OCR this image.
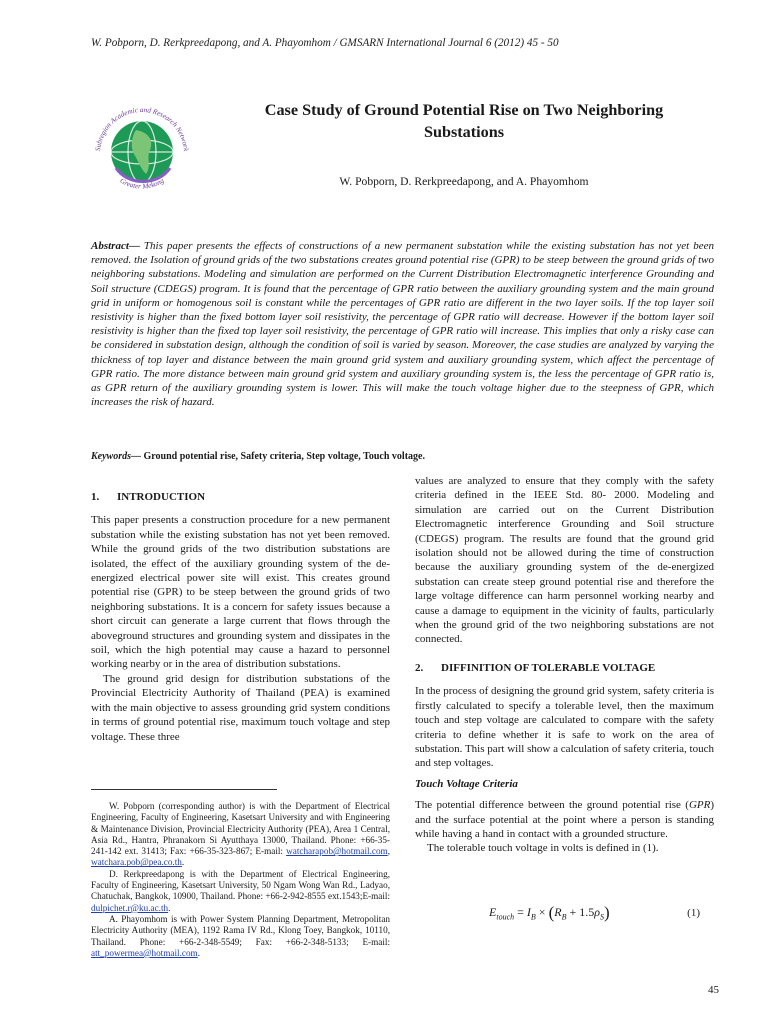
W. Pobporn, D. Rerkpreedapong, and A. Phayomhom / GMSARN International Journal 6 (2012) 45 - 50
Subregion Academic and Research Network
Greater Mekong
Case Study of Ground Potential Rise on Two Neighboring Substations
W. Pobporn, D. Rerkpreedapong, and A. Phayomhom
Abstract— This paper presents the effects of constructions of a new permanent substation while the existing substation has not yet been removed. the Isolation of ground grids of the two substations creates ground potential rise (GPR) to be steep between the ground grids of two neighboring substations. Modeling and simulation are performed on the Current Distribution Electromagnetic interference Grounding and Soil structure (CDEGS) program. It is found that the percentage of GPR ratio between the auxiliary grounding system and the main ground grid in uniform or homogenous soil is constant while the percentages of GPR ratio are different in the two layer soils. If the top layer soil resistivity is higher than the fixed bottom layer soil resistivity, the percentage of GPR ratio will decrease. However if the bottom layer soil resistivity is higher than the fixed top layer soil resistivity, the percentage of GPR ratio will increase. This implies that only a risky case can be considered in substation design, although the condition of soil is varied by season. Moreover, the case studies are analyzed by varying the thickness of top layer and distance between the main ground grid system and auxiliary grounding system, which affect the percentage of GPR ratio. The more distance between main ground grid system and auxiliary grounding system is, the less the percentage of GPR ratio is, as GPR return of the auxiliary grounding system is lower. This will make the touch voltage higher due to the steepness of GPR, which increases the risk of hazard.
Keywords— Ground potential rise, Safety criteria, Step voltage, Touch voltage.
1. INTRODUCTION

This paper presents a construction procedure for a new permanent substation while the existing substation has not yet been removed. While the ground grids of the two distribution substations are isolated, the effect of the auxiliary grounding system of the de-energized electrical power site will exist. This creates ground potential rise (GPR) to be steep between the ground grids of two neighboring substations. It is a concern for safety issues because a short circuit can generate a large current that flows through the aboveground structures and grounding system and dissipates in the soil, which the high potential may cause a hazard to personnel working nearby or in the area of distribution substations.

The ground grid design for distribution substations of the Provincial Electricity Authority of Thailand (PEA) is examined with the main objective to assess grounding grid system conditions in terms of ground potential rise, maximum touch voltage and step voltage. These three

W. Pobporn (corresponding author) is with the Department of Electrical Engineering, Faculty of Engineering, Kasetsart University and with Engineering & Maintenance Division, Provincial Electricity Authority (PEA), Area 1 Central, Asia Rd., Hantra, Phranakorn Si Ayutthaya 13000, Thailand. Phone: +66-35-241-142 ext. 31413; Fax: +66-35-323-867; E-mail: watcharapob@hotmail.com, watchara.pob@pea.co.th.

D. Rerkpreedapong is with the Department of Electrical Engineering, Faculty of Engineering, Kasetsart University, 50 Ngam Wong Wan Rd., Ladyao, Chatuchak, Bangkok, 10900, Thailand. Phone: +66-2-942-8555 ext.1543;E-mail: dulpichet.r@ku.ac.th.

A. Phayomhom is with Power System Planning Department, Metropolitan Electricity Authority (MEA), 1192 Rama IV Rd., Klong Toey, Bangkok, 10110, Thailand. Phone: +66-2-348-5549; Fax: +66-2-348-5133; E-mail: att_powermea@hotmail.com.

values are analyzed to ensure that they comply with the safety criteria defined in the IEEE Std. 80- 2000. Modeling and simulation are carried out on the Current Distribution Electromagnetic interference Grounding and Soil structure (CDEGS) program. The results are found that the ground grid isolation should not be allowed during the time of construction because the auxiliary grounding system of the de-energized substation can create steep ground potential rise and therefore the large voltage difference can harm personnel working nearby and cause a damage to equipment in the vicinity of faults, particularly when the ground grid of the two neighboring substations are not connected.

2. DIFFINITION OF TOLERABLE VOLTAGE

In the process of designing the ground grid system, safety criteria is firstly calculated to specify a tolerable level, then the maximum touch and step voltage are calculated to compare with the safety criteria to define whether it is safe to work on the area of substation. This part will show a calculation of safety criteria, touch and step voltages.

Touch Voltage Criteria

The potential difference between the ground potential rise (GPR) and the surface potential at the point where a person is standing while having a hand in contact with a grounded structure.

The tolerable touch voltage in volts is defined in (1).

$E_{touch} = I_B \times (R_B + 1.5\rho_S)$	(1)
45
